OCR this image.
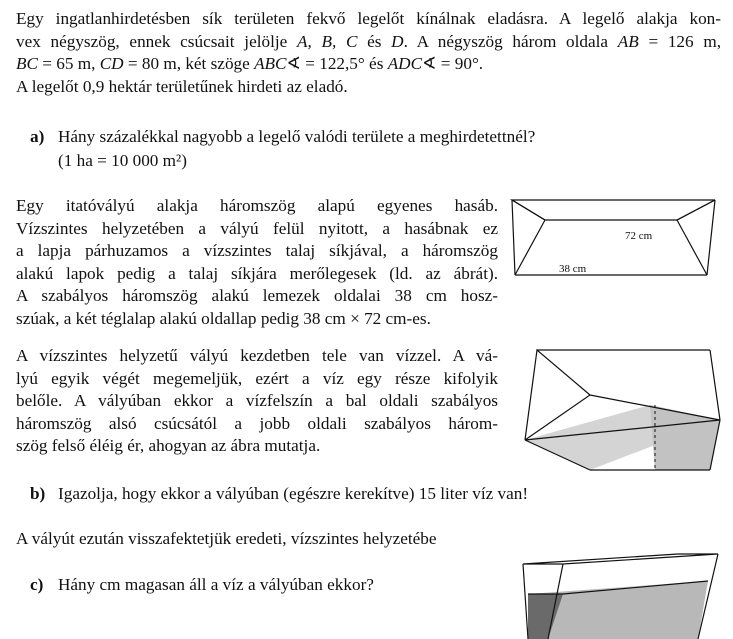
Egy ingatlanhirdetésben sík területen fekvő legelőt kínálnak eladásra. A legelő alakja kon-
vex négyszög, ennek csúcsait jelölje A, B, C és D. A négyszög három oldala AB = 126 m,
BC = 65 m, CD = 80 m, két szöge ABC∢ = 122,5° és ADC∢ = 90°.
A legelőt 0,9 hektár területűnek hirdeti az eladó.
a) Hány százalékkal nagyobb a legelő valódi területe a meghirdetettnél?
(1 ha = 10 000 m²)
Egy itatóvályú alakja háromszög alapú egyenes hasáb.
Vízszintes helyzetében a vályú felül nyitott, a hasábnak ez
a lapja párhuzamos a vízszintes talaj síkjával, a háromszög
alakú lapok pedig a talaj síkjára merőlegesek (ld. az ábrát).
A szabályos háromszög alakú lemezek oldalai 38 cm hosz-
szúak, a két téglalap alakú oldallap pedig 38 cm × 72 cm-es.
A vízszintes helyzetű vályú kezdetben tele van vízzel. A vá-
lyú egyik végét megemeljük, ezért a víz egy része kifolyik
belőle. A vályúban ekkor a vízfelszín a bal oldali szabályos
háromszög alsó csúcsától a jobb oldali szabályos három-
szög felső éléig ér, ahogyan az ábra mutatja.
b) Igazolja, hogy ekkor a vályúban (egészre kerekítve) 15 liter víz van!
A vályút ezután visszafektetjük eredeti, vízszintes helyzetébe
c) Hány cm magasan áll a víz a vályúban ekkor?
72 cm
38 cm
